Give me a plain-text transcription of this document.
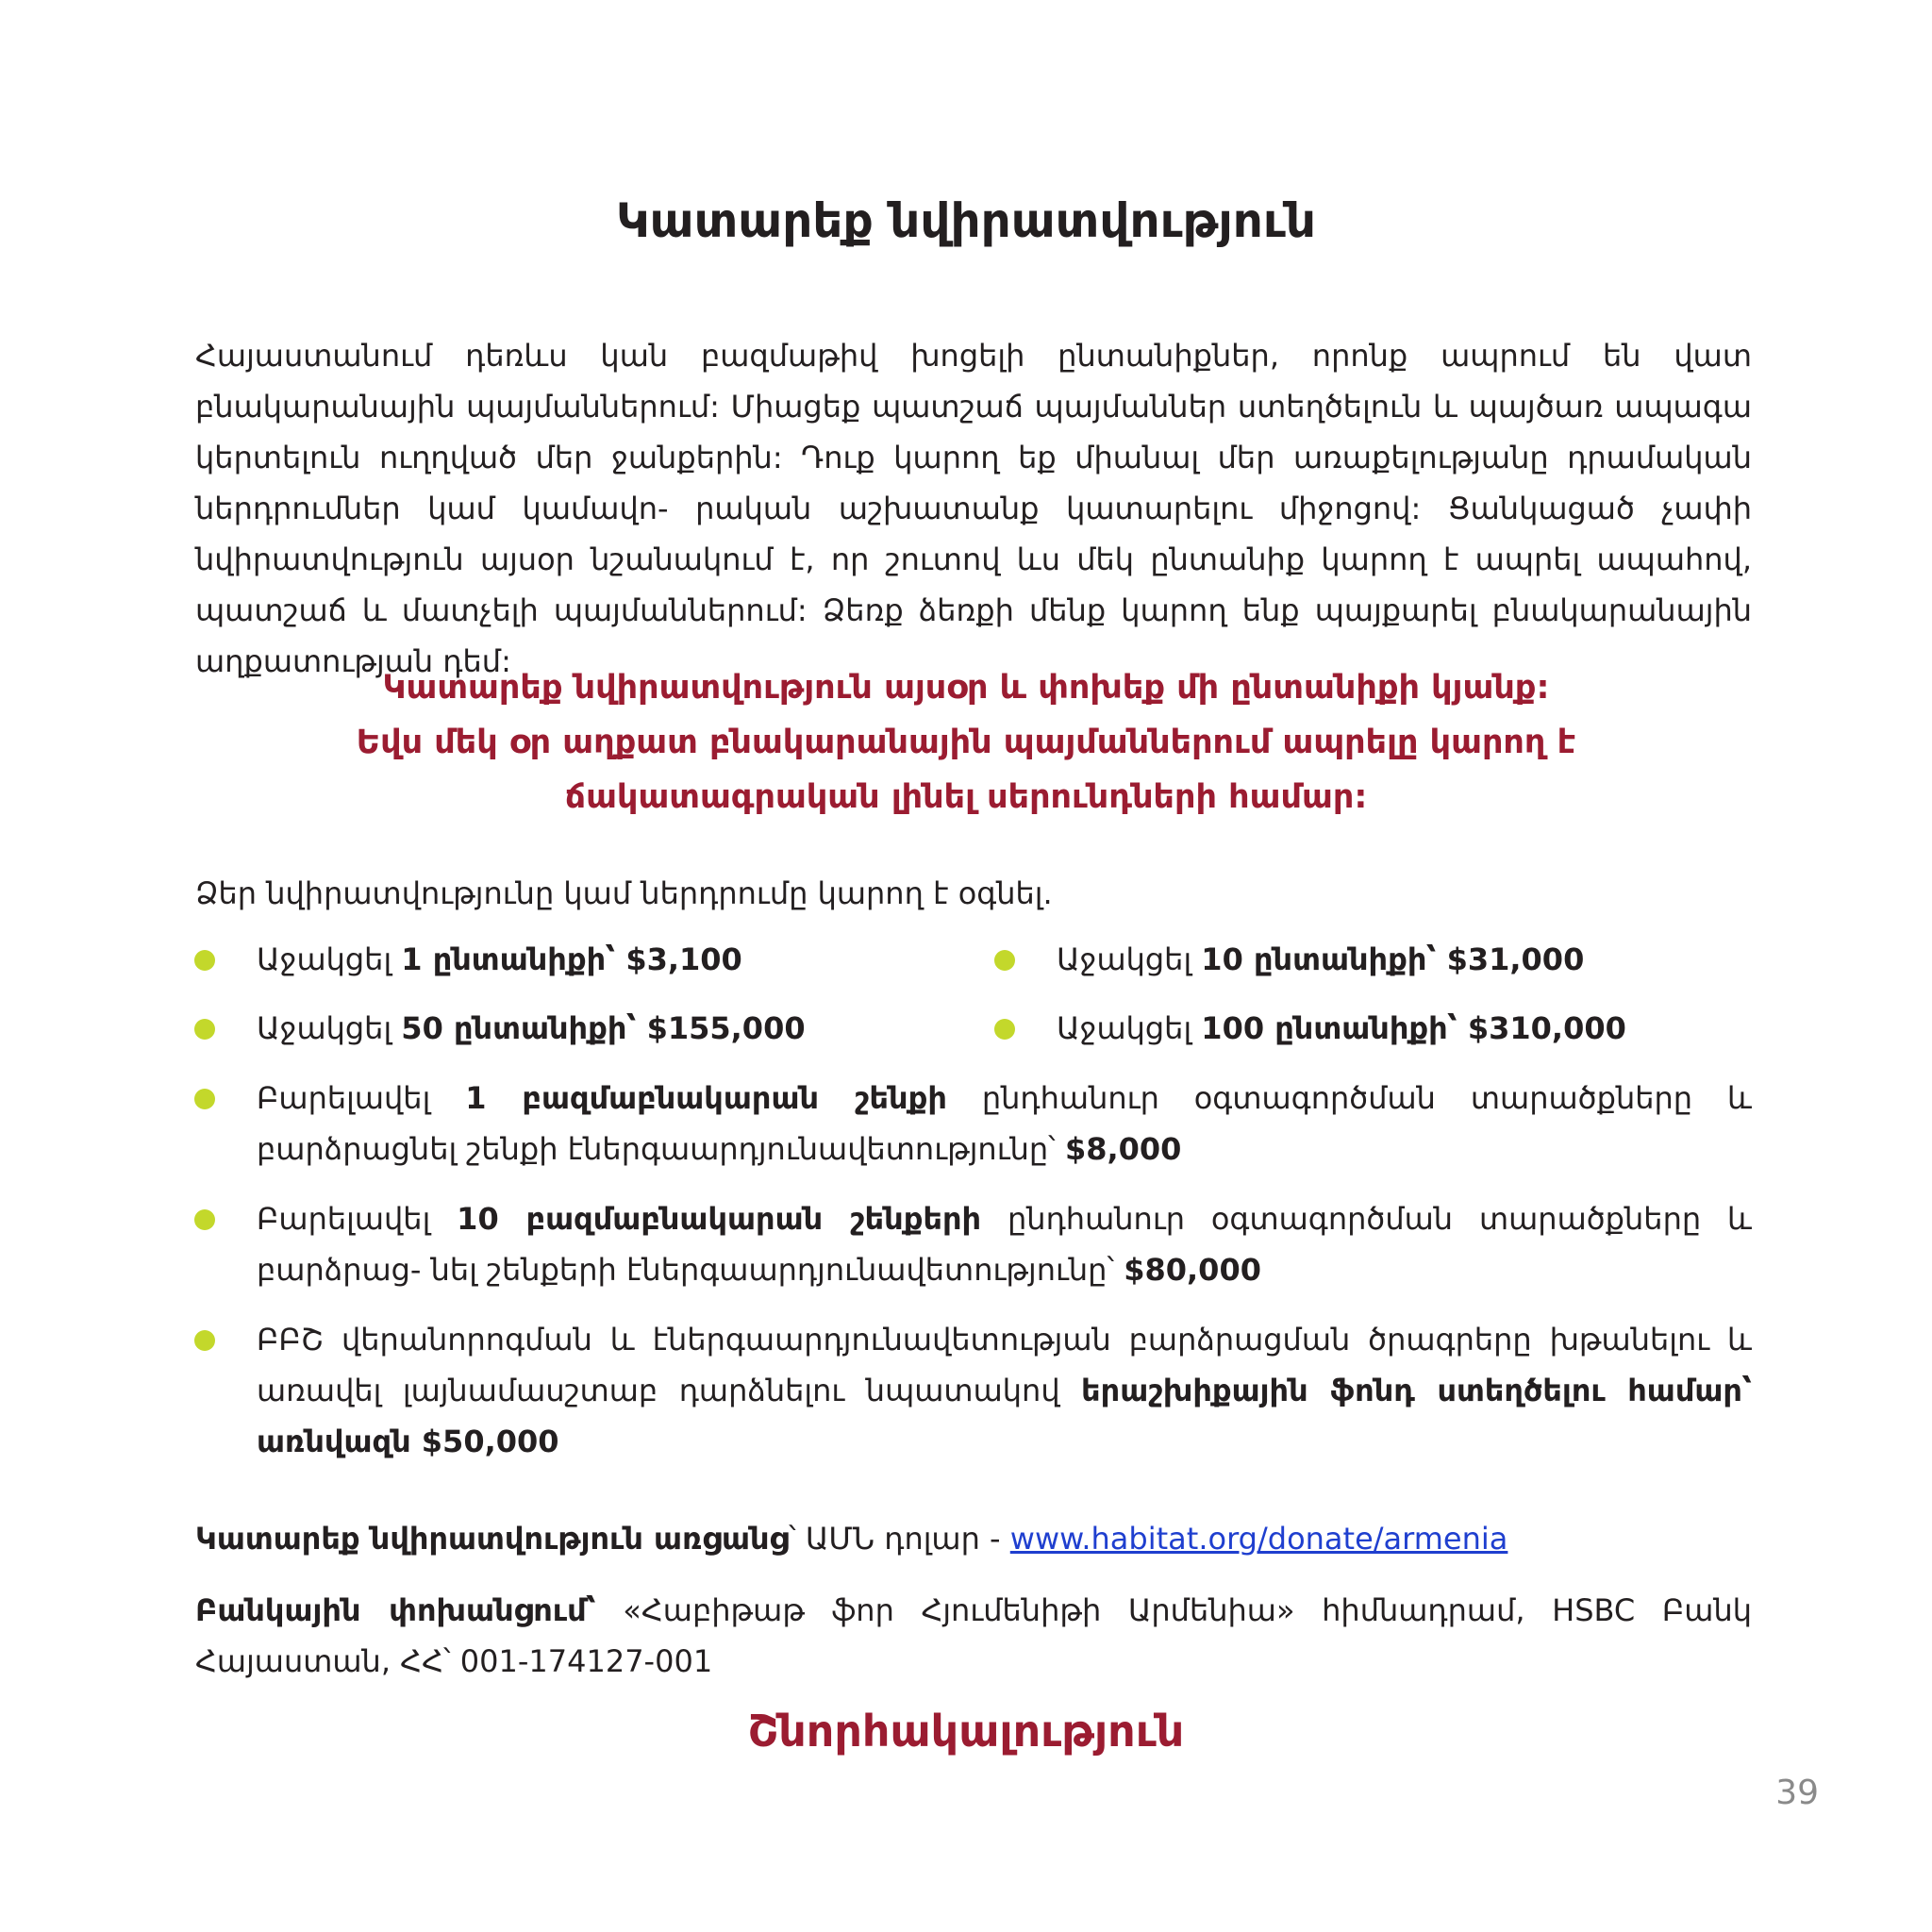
Կատարեք նվիրատվություն

Հայաստանում դեռևս կան բազմաթիվ խոցելի ընտանիքներ, որոնք ապրում են վատ բնակարանային պայմաններում: Միացեք պատշաճ պայմաններ ստեղծելուն և պայծառ ապագա կերտելուն ուղղված մեր ջանքերին: Դուք կարող եք միանալ մեր առաքելությանը դրամական ներդրումներ կամ կամավո- րական աշխատանք կատարելու միջոցով: Ցանկացած չափի նվիրատվություն այսօր նշանակում է, որ շուտով ևս մեկ ընտանիք կարող է ապրել ապահով, պատշաճ և մատչելի պայմաններում: Ձեռք ձեռքի մենք կարող ենք պայքարել բնակարանային աղքատության դեմ:

Կատարեք նվիրատվություն այսօր և փոխեք մի ընտանիքի կյանք:
Եվս մեկ օր աղքատ բնակարանային պայմաններում ապրելը կարող է
ճակատագրական լինել սերունդների համար:

Ձեր նվիրատվությունը կամ ներդրումը կարող է օգնել.

Աջակցել 1 ընտանիքի՝ $3,100	Աջակցել 10 ընտանիքի՝ $31,000
Աջակցել 50 ընտանիքի՝ $155,000	Աջակցել 100 ընտանիքի՝ $310,000
Բարելավել 1 բազմաբնակարան շենքի ընդհանուր օգտագործման տարածքները և բարձրացնել շենքի էներգաարդյունավետությունը՝ $8,000
Բարելավել 10 բազմաբնակարան շենքերի ընդհանուր օգտագործման տարածքները և բարձրաց- նել շենքերի էներգաարդյունավետությունը՝ $80,000
ԲԲՇ վերանորոգման և էներգաարդյունավետության բարձրացման ծրագրերը խթանելու և առավել լայնամասշտաբ դարձնելու նպատակով երաշխիքային ֆոնդ ստեղծելու համար՝ առնվազն $50,000
Կատարեք նվիրատվություն առցանց՝ ԱՄՆ դոլար - www.habitat.org/donate/armenia
Բանկային փոխանցում՝ «Հաբիթաթ ֆոր Հյումենիթի Արմենիա» հիմնադրամ, HSBC Բանկ Հայաստան, ՀՀ՝ 001-174127-001
Շնորհակալություն
39
